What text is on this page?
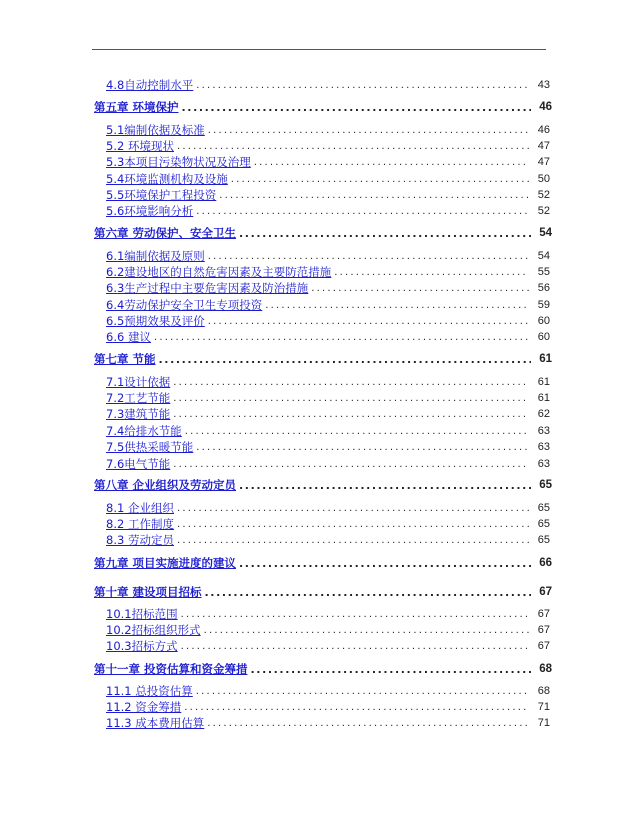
4.8自动控制水平 .....	43
第五章 环境保护 .....	46
5.1编制依据及标准 .....	46
5.2 环境现状 .....	47
5.3本项目污染物状况及治理 .....	47
5.4环境监测机构及设施 .....	50
5.5环境保护工程投资 .....	52
5.6环境影响分析 .....	52
第六章 劳动保护、安全卫生 .....	54
6.1编制依据及原则 .....	54
6.2建设地区的自然危害因素及主要防范措施 .....	55
6.3生产过程中主要危害因素及防治措施 .....	56
6.4劳动保护安全卫生专项投资 .....	59
6.5预期效果及评价 .....	60
6.6 建议 .....	60
第七章 节能 .....	61
7.1设计依据 .....	61
7.2工艺节能 .....	61
7.3建筑节能 .....	62
7.4给排水节能 .....	63
7.5供热采暖节能 .....	63
7.6电气节能 .....	63
第八章 企业组织及劳动定员 .....	65
8.1 企业组织 .....	65
8.2 工作制度 .....	65
8.3 劳动定员 .....	65
第九章 项目实施进度的建议 .....	66
第十章 建设项目招标 .....	67
10.1招标范围 .....	67
10.2招标组织形式 .....	67
10.3招标方式 .....	67
第十一章 投资估算和资金筹措 .....	68
11.1 总投资估算 .....	68
11.2 资金筹措 .....	71
11.3 成本费用估算 .....	71
